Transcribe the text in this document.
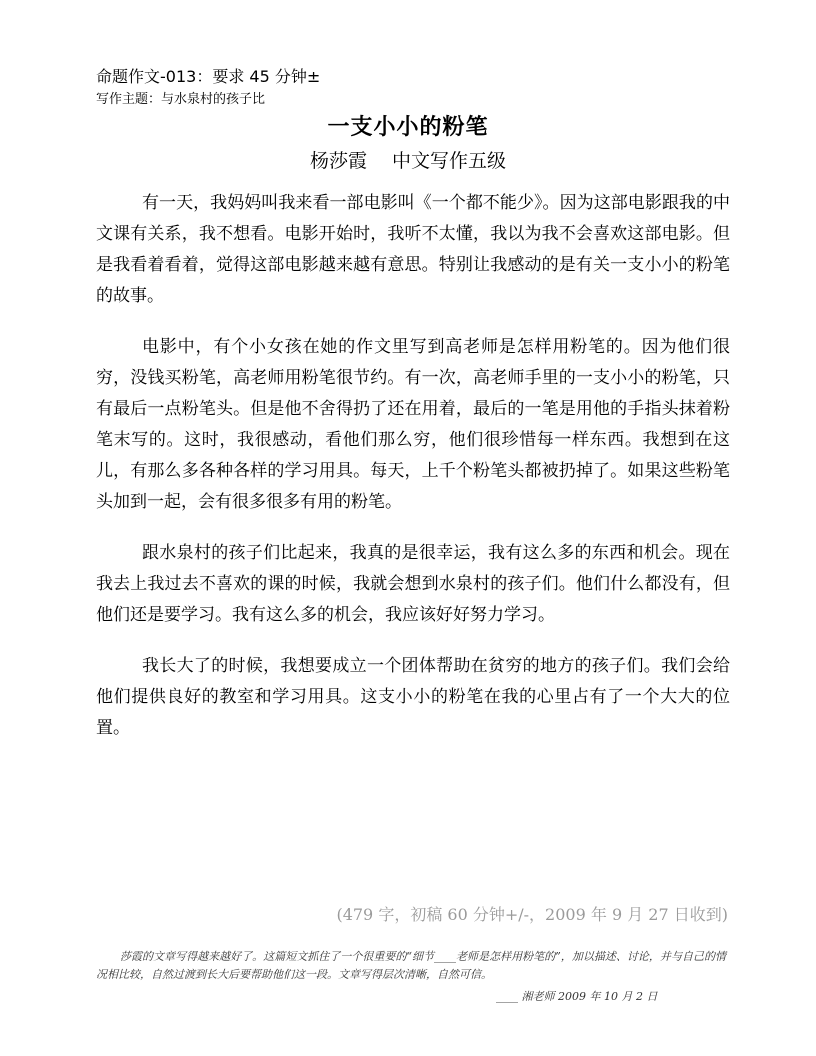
命题作文-013：要求 45 分钟±
写作主题：与水泉村的孩子比
一支小小的粉笔
杨莎霞　 中文写作五级

有一天，我妈妈叫我来看一部电影叫《一个都不能少》。因为这部电影跟我的中文课有关系，我不想看。电影开始时，我听不太懂，我以为我不会喜欢这部电影。但是我看着看着，觉得这部电影越来越有意思。特别让我感动的是有关一支小小的粉笔的故事。

电影中，有个小女孩在她的作文里写到高老师是怎样用粉笔的。因为他们很穷，没钱买粉笔，高老师用粉笔很节约。有一次，高老师手里的一支小小的粉笔，只有最后一点粉笔头。但是他不舍得扔了还在用着，最后的一笔是用他的手指头抹着粉笔末写的。这时，我很感动，看他们那么穷，他们很珍惜每一样东西。我想到在这儿，有那么多各种各样的学习用具。每天，上千个粉笔头都被扔掉了。如果这些粉笔头加到一起，会有很多很多有用的粉笔。

跟水泉村的孩子们比起来，我真的是很幸运，我有这么多的东西和机会。现在我去上我过去不喜欢的课的时候，我就会想到水泉村的孩子们。他们什么都没有，但他们还是要学习。我有这么多的机会，我应该好好努力学习。

我长大了的时候，我想要成立一个团体帮助在贫穷的地方的孩子们。我们会给他们提供良好的教室和学习用具。这支小小的粉笔在我的心里占有了一个大大的位置。

(479 字，初稿 60 分钟+/-，2009 年 9 月 27 日收到)
莎霞的文章写得越来越好了。这篇短文抓住了一个很重要的“细节____老师是怎样用粉笔的”，加以描述、讨论，并与自己的情况相比较，自然过渡到长大后要帮助他们这一段。文章写得层次清晰，自然可信。
____ 湘老师 2009 年 10 月 2 日
